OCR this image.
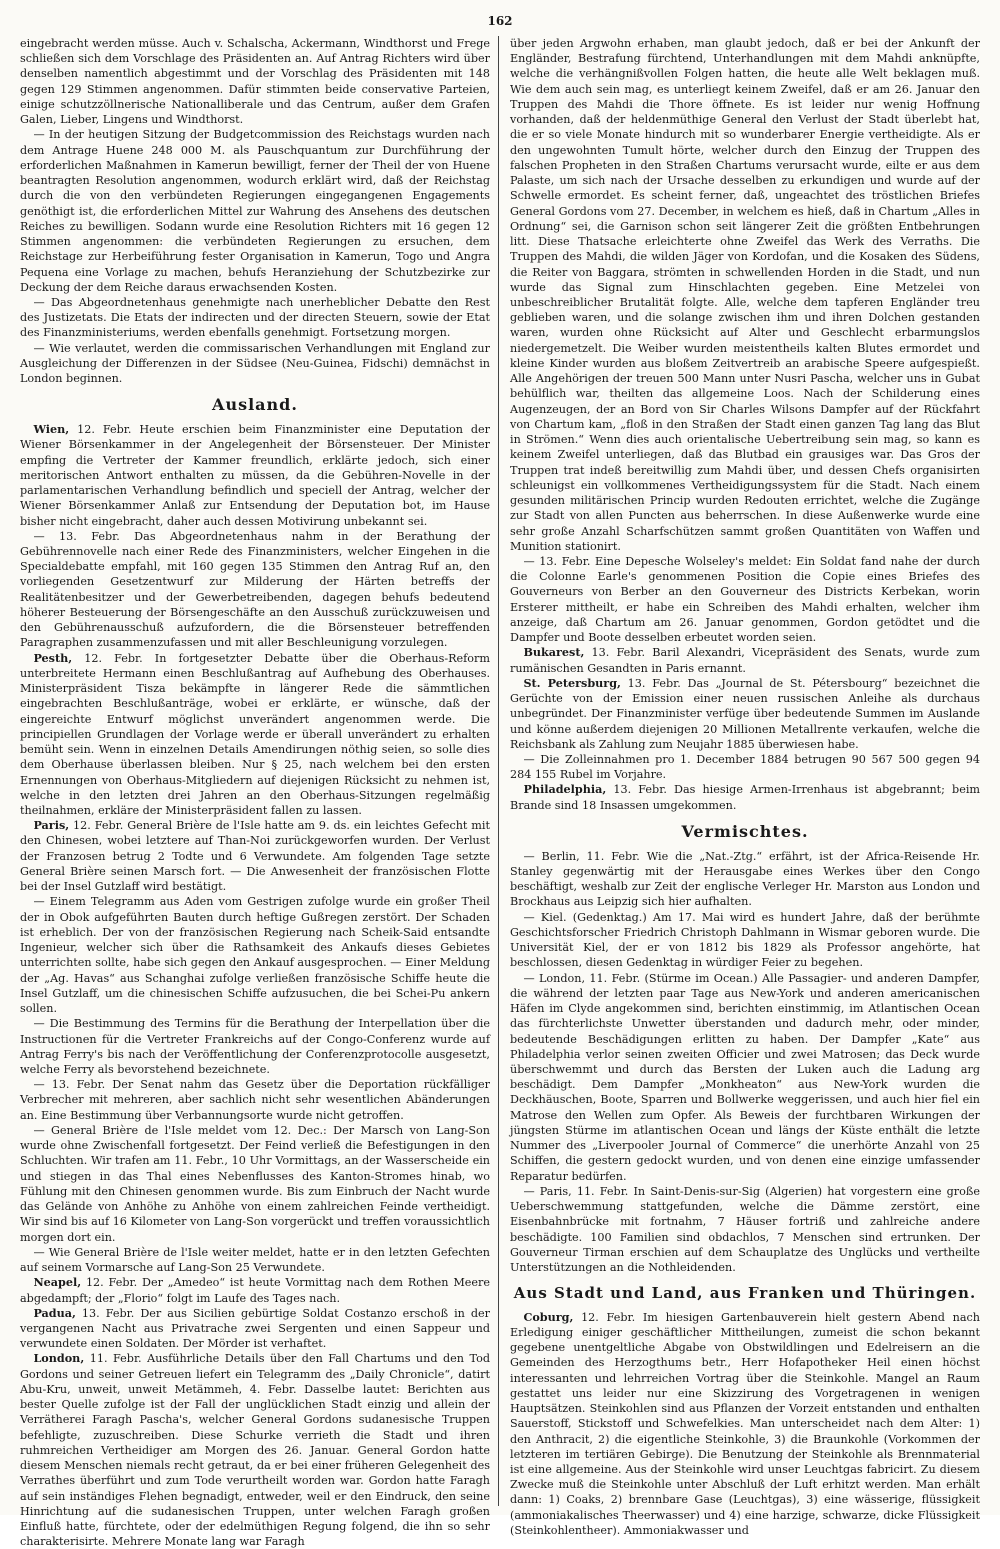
162

eingebracht werden müsse. Auch v. Schalscha, Ackermann, Windthorst und Frege schließen sich dem Vorschlage des Präsidenten an. Auf Antrag Richters wird über denselben namentlich abgestimmt und der Vorschlag des Präsidenten mit 148 gegen 129 Stimmen angenommen. Dafür stimmten beide conservative Parteien, einige schutzzöllnerische Nationalliberale und das Centrum, außer dem Grafen Galen, Lieber, Lingens und Windthorst.

— In der heutigen Sitzung der Budgetcommission des Reichstags wurden nach dem Antrage Huene 248 000 M. als Pauschquantum zur Durchführung der erforderlichen Maßnahmen in Kamerun bewilligt, ferner der Theil der von Huene beantragten Resolution angenommen, wodurch erklärt wird, daß der Reichstag durch die von den verbündeten Regierungen eingegangenen Engagements genöthigt ist, die erforderlichen Mittel zur Wahrung des Ansehens des deutschen Reiches zu bewilligen. Sodann wurde eine Resolution Richters mit 16 gegen 12 Stimmen angenommen: die verbündeten Regierungen zu ersuchen, dem Reichstage zur Herbeiführung fester Organisation in Kamerun, Togo und Angra Pequena eine Vorlage zu machen, behufs Heranziehung der Schutzbezirke zur Deckung der dem Reiche daraus erwachsenden Kosten.

— Das Abgeordnetenhaus genehmigte nach unerheblicher Debatte den Rest des Justizetats. Die Etats der indirecten und der directen Steuern, sowie der Etat des Finanzministeriums, werden ebenfalls genehmigt. Fortsetzung morgen.

— Wie verlautet, werden die commissarischen Verhandlungen mit England zur Ausgleichung der Differenzen in der Südsee (Neu-Guinea, Fidschi) demnächst in London beginnen.

Ausland.

Wien, 12. Febr. Heute erschien beim Finanzminister eine Deputation der Wiener Börsenkammer in der Angelegenheit der Börsensteuer. Der Minister empfing die Vertreter der Kammer freundlich, erklärte jedoch, sich einer meritorischen Antwort enthalten zu müssen, da die Gebühren-Novelle in der parlamentarischen Verhandlung befindlich und speciell der Antrag, welcher der Wiener Börsenkammer Anlaß zur Entsendung der Deputation bot, im Hause bisher nicht eingebracht, daher auch dessen Motivirung unbekannt sei.

— 13. Febr. Das Abgeordnetenhaus nahm in der Berathung der Gebührennovelle nach einer Rede des Finanzministers, welcher Eingehen in die Specialdebatte empfahl, mit 160 gegen 135 Stimmen den Antrag Ruf an, den vorliegenden Gesetzentwurf zur Milderung der Härten betreffs der Realitätenbesitzer und der Gewerbetreibenden, dagegen behufs bedeutend höherer Besteuerung der Börsengeschäfte an den Ausschuß zurückzuweisen und den Gebührenausschuß aufzufordern, die die Börsensteuer betreffenden Paragraphen zusammenzufassen und mit aller Beschleunigung vorzulegen.

Pesth, 12. Febr. In fortgesetzter Debatte über die Oberhaus-Reform unterbreitete Hermann einen Beschlußantrag auf Aufhebung des Oberhauses. Ministerpräsident Tisza bekämpfte in längerer Rede die sämmtlichen eingebrachten Beschlußanträge, wobei er erklärte, er wünsche, daß der eingereichte Entwurf möglichst unverändert angenommen werde. Die principiellen Grundlagen der Vorlage werde er überall unverändert zu erhalten bemüht sein. Wenn in einzelnen Details Amendirungen nöthig seien, so solle dies dem Oberhause überlassen bleiben. Nur § 25, nach welchem bei den ersten Ernennungen von Oberhaus-Mitgliedern auf diejenigen Rücksicht zu nehmen ist, welche in den letzten drei Jahren an den Oberhaus-Sitzungen regelmäßig theilnahmen, erkläre der Ministerpräsident fallen zu lassen.

Paris, 12. Febr. General Brière de l'Isle hatte am 9. ds. ein leichtes Gefecht mit den Chinesen, wobei letztere auf Than-Noi zurückgeworfen wurden. Der Verlust der Franzosen betrug 2 Todte und 6 Verwundete. Am folgenden Tage setzte General Brière seinen Marsch fort. — Die Anwesenheit der französischen Flotte bei der Insel Gutzlaff wird bestätigt.

— Einem Telegramm aus Aden vom Gestrigen zufolge wurde ein großer Theil der in Obok aufgeführten Bauten durch heftige Gußregen zerstört. Der Schaden ist erheblich. Der von der französischen Regierung nach Scheik-Said entsandte Ingenieur, welcher sich über die Rathsamkeit des Ankaufs dieses Gebietes unterrichten sollte, habe sich gegen den Ankauf ausgesprochen. — Einer Meldung der „Ag. Havas“ aus Schanghai zufolge verließen französische Schiffe heute die Insel Gutzlaff, um die chinesischen Schiffe aufzusuchen, die bei Schei-Pu ankern sollen.

— Die Bestimmung des Termins für die Berathung der Interpellation über die Instructionen für die Vertreter Frankreichs auf der Congo-Conferenz wurde auf Antrag Ferry's bis nach der Veröffentlichung der Conferenzprotocolle ausgesetzt, welche Ferry als bevorstehend bezeichnete.

— 13. Febr. Der Senat nahm das Gesetz über die Deportation rückfälliger Verbrecher mit mehreren, aber sachlich nicht sehr wesentlichen Abänderungen an. Eine Bestimmung über Verbannungsorte wurde nicht getroffen.

— General Brière de l'Isle meldet vom 12. Dec.: Der Marsch von Lang-Son wurde ohne Zwischenfall fortgesetzt. Der Feind verließ die Befestigungen in den Schluchten. Wir trafen am 11. Febr., 10 Uhr Vormittags, an der Wasserscheide ein und stiegen in das Thal eines Nebenflusses des Kanton-Stromes hinab, wo Fühlung mit den Chinesen genommen wurde. Bis zum Einbruch der Nacht wurde das Gelände von Anhöhe zu Anhöhe von einem zahlreichen Feinde vertheidigt. Wir sind bis auf 16 Kilometer von Lang-Son vorgerückt und treffen voraussichtlich morgen dort ein.

— Wie General Brière de l'Isle weiter meldet, hatte er in den letzten Gefechten auf seinem Vormarsche auf Lang-Son 25 Verwundete.

Neapel, 12. Febr. Der „Amedeo“ ist heute Vormittag nach dem Rothen Meere abgedampft; der „Florio“ folgt im Laufe des Tages nach.

Padua, 13. Febr. Der aus Sicilien gebürtige Soldat Costanzo erschoß in der vergangenen Nacht aus Privatrache zwei Sergenten und einen Sappeur und verwundete einen Soldaten. Der Mörder ist verhaftet.

London, 11. Febr. Ausführliche Details über den Fall Chartums und den Tod Gordons und seiner Getreuen liefert ein Telegramm des „Daily Chronicle“, datirt Abu-Kru, unweit, unweit Metämmeh, 4. Febr. Dasselbe lautet: Berichten aus bester Quelle zufolge ist der Fall der unglücklichen Stadt einzig und allein der Verrätherei Faragh Pascha's, welcher General Gordons sudanesische Truppen befehligte, zuzuschreiben. Diese Schurke verrieth die Stadt und ihren ruhmreichen Vertheidiger am Morgen des 26. Januar. General Gordon hatte diesem Menschen niemals recht getraut, da er bei einer früheren Gelegenheit des Verrathes überführt und zum Tode verurtheilt worden war. Gordon hatte Faragh auf sein inständiges Flehen begnadigt, entweder, weil er den Eindruck, den seine Hinrichtung auf die sudanesischen Truppen, unter welchen Faragh großen Einfluß hatte, fürchtete, oder der edelmüthigen Regung folgend, die ihn so sehr charakterisirte. Mehrere Monate lang war Faragh

über jeden Argwohn erhaben, man glaubt jedoch, daß er bei der Ankunft der Engländer, Bestrafung fürchtend, Unterhandlungen mit dem Mahdi anknüpfte, welche die verhängnißvollen Folgen hatten, die heute alle Welt beklagen muß. Wie dem auch sein mag, es unterliegt keinem Zweifel, daß er am 26. Januar den Truppen des Mahdi die Thore öffnete. Es ist leider nur wenig Hoffnung vorhanden, daß der heldenmüthige General den Verlust der Stadt überlebt hat, die er so viele Monate hindurch mit so wunderbarer Energie vertheidigte. Als er den ungewohnten Tumult hörte, welcher durch den Einzug der Truppen des falschen Propheten in den Straßen Chartums verursacht wurde, eilte er aus dem Palaste, um sich nach der Ursache desselben zu erkundigen und wurde auf der Schwelle ermordet. Es scheint ferner, daß, ungeachtet des tröstlichen Briefes General Gordons vom 27. December, in welchem es hieß, daß in Chartum „Alles in Ordnung“ sei, die Garnison schon seit längerer Zeit die größten Entbehrungen litt. Diese Thatsache erleichterte ohne Zweifel das Werk des Verraths. Die Truppen des Mahdi, die wilden Jäger von Kordofan, und die Kosaken des Südens, die Reiter von Baggara, strömten in schwellenden Horden in die Stadt, und nun wurde das Signal zum Hinschlachten gegeben. Eine Metzelei von unbeschreiblicher Brutalität folgte. Alle, welche dem tapferen Engländer treu geblieben waren, und die solange zwischen ihm und ihren Dolchen gestanden waren, wurden ohne Rücksicht auf Alter und Geschlecht erbarmungslos niedergemetzelt. Die Weiber wurden meistentheils kalten Blutes ermordet und kleine Kinder wurden aus bloßem Zeitvertreib an arabische Speere aufgespießt. Alle Angehörigen der treuen 500 Mann unter Nusri Pascha, welcher uns in Gubat behülflich war, theilten das allgemeine Loos. Nach der Schilderung eines Augenzeugen, der an Bord von Sir Charles Wilsons Dampfer auf der Rückfahrt von Chartum kam, „floß in den Straßen der Stadt einen ganzen Tag lang das Blut in Strömen.“ Wenn dies auch orientalische Uebertreibung sein mag, so kann es keinem Zweifel unterliegen, daß das Blutbad ein grausiges war. Das Gros der Truppen trat indeß bereitwillig zum Mahdi über, und dessen Chefs organisirten schleunigst ein vollkommenes Vertheidigungssystem für die Stadt. Nach einem gesunden militärischen Princip wurden Redouten errichtet, welche die Zugänge zur Stadt von allen Puncten aus beherrschen. In diese Außenwerke wurde eine sehr große Anzahl Scharfschützen sammt großen Quantitäten von Waffen und Munition stationirt.

— 13. Febr. Eine Depesche Wolseley's meldet: Ein Soldat fand nahe der durch die Colonne Earle's genommenen Position die Copie eines Briefes des Gouverneurs von Berber an den Gouverneur des Districts Kerbekan, worin Ersterer mittheilt, er habe ein Schreiben des Mahdi erhalten, welcher ihm anzeige, daß Chartum am 26. Januar genommen, Gordon getödtet und die Dampfer und Boote desselben erbeutet worden seien.

Bukarest, 13. Febr. Baril Alexandri, Vicepräsident des Senats, wurde zum rumänischen Gesandten in Paris ernannt.

St. Petersburg, 13. Febr. Das „Journal de St. Pétersbourg“ bezeichnet die Gerüchte von der Emission einer neuen russischen Anleihe als durchaus unbegründet. Der Finanzminister verfüge über bedeutende Summen im Auslande und könne außerdem diejenigen 20 Millionen Metallrente verkaufen, welche die Reichsbank als Zahlung zum Neujahr 1885 überwiesen habe.

— Die Zolleinnahmen pro 1. December 1884 betrugen 90 567 500 gegen 94 284 155 Rubel im Vorjahre.

Philadelphia, 13. Febr. Das hiesige Armen-Irrenhaus ist abgebrannt; beim Brande sind 18 Insassen umgekommen.

Vermischtes.

— Berlin, 11. Febr. Wie die „Nat.-Ztg.“ erfährt, ist der Africa-Reisende Hr. Stanley gegenwärtig mit der Herausgabe eines Werkes über den Congo beschäftigt, weshalb zur Zeit der englische Verleger Hr. Marston aus London und Brockhaus aus Leipzig sich hier aufhalten.

— Kiel. (Gedenktag.) Am 17. Mai wird es hundert Jahre, daß der berühmte Geschichtsforscher Friedrich Christoph Dahlmann in Wismar geboren wurde. Die Universität Kiel, der er von 1812 bis 1829 als Professor angehörte, hat beschlossen, diesen Gedenktag in würdiger Feier zu begehen.

— London, 11. Febr. (Stürme im Ocean.) Alle Passagier- und anderen Dampfer, die während der letzten paar Tage aus New-York und anderen americanischen Häfen im Clyde angekommen sind, berichten einstimmig, im Atlantischen Ocean das fürchterlichste Unwetter überstanden und dadurch mehr, oder minder, bedeutende Beschädigungen erlitten zu haben. Der Dampfer „Kate“ aus Philadelphia verlor seinen zweiten Officier und zwei Matrosen; das Deck wurde überschwemmt und durch das Bersten der Luken auch die Ladung arg beschädigt. Dem Dampfer „Monkheaton“ aus New-York wurden die Deckhäuschen, Boote, Sparren und Bollwerke weggerissen, und auch hier fiel ein Matrose den Wellen zum Opfer. Als Beweis der furchtbaren Wirkungen der jüngsten Stürme im atlantischen Ocean und längs der Küste enthält die letzte Nummer des „Liverpooler Journal of Commerce“ die unerhörte Anzahl von 25 Schiffen, die gestern gedockt wurden, und von denen eine einzige umfassender Reparatur bedürfen.

— Paris, 11. Febr. In Saint-Denis-sur-Sig (Algerien) hat vorgestern eine große Ueberschwemmung stattgefunden, welche die Dämme zerstört, eine Eisenbahnbrücke mit fortnahm, 7 Häuser fortriß und zahlreiche andere beschädigte. 100 Familien sind obdachlos, 7 Menschen sind ertrunken. Der Gouverneur Tirman erschien auf dem Schauplatze des Unglücks und vertheilte Unterstützungen an die Nothleidenden.

Aus Stadt und Land, aus Franken und Thüringen.

Coburg, 12. Febr. Im hiesigen Gartenbauverein hielt gestern Abend nach Erledigung einiger geschäftlicher Mittheilungen, zumeist die schon bekannt gegebene unentgeltliche Abgabe von Obstwildlingen und Edelreisern an die Gemeinden des Herzogthums betr., Herr Hofapotheker Heil einen höchst interessanten und lehrreichen Vortrag über die Steinkohle. Mangel an Raum gestattet uns leider nur eine Skizzirung des Vorgetragenen in wenigen Hauptsätzen. Steinkohlen sind aus Pflanzen der Vorzeit entstanden und enthalten Sauerstoff, Stickstoff und Schwefelkies. Man unterscheidet nach dem Alter: 1) den Anthracit, 2) die eigentliche Steinkohle, 3) die Braunkohle (Vorkommen der letzteren im tertiären Gebirge). Die Benutzung der Steinkohle als Brennmaterial ist eine allgemeine. Aus der Steinkohle wird unser Leuchtgas fabricirt. Zu diesem Zwecke muß die Steinkohle unter Abschluß der Luft erhitzt werden. Man erhält dann: 1) Coaks, 2) brennbare Gase (Leuchtgas), 3) eine wässerige, flüssigkeit (ammoniakalisches Theerwasser) und 4) eine harzige, schwarze, dicke Flüssigkeit (Steinkohlentheer). Ammoniakwasser und
